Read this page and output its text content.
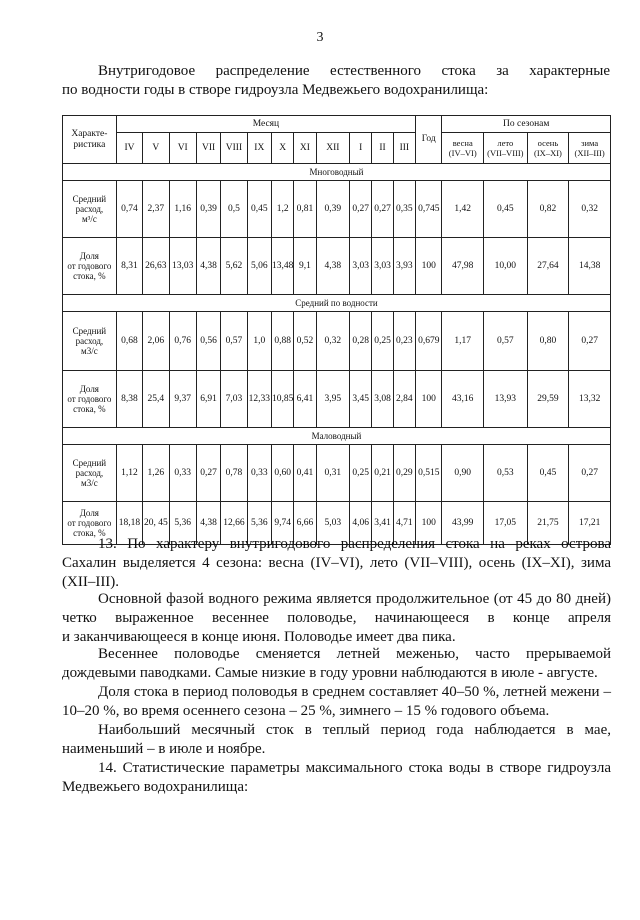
3
Внутригодовое распределение естественного стока за характерные
по водности годы в створе гидроузла Медвежьего водохранилища:
Характе-ристика	Месяц												Год	По сезонам			
	IV	V	VI	VII	VIII	IX	X	XI	XII	I	II	III		весна
(IV–VI)	лето
(VII–VIII)	осень
(IX–XI)	зима
(XII–III)
Многоводный																	
Средний
расход,
м³/с	0,74	2,37	1,16	0,39	0,5	0,45	1,2	0,81	0,39	0,27	0,27	0,35	0,745	1,42	0,45	0,82	0,32
Доля
от годового
стока, %	8,31	26,63	13,03	4,38	5,62	5,06	13,48	9,1	4,38	3,03	3,03	3,93	100	47,98	10,00	27,64	14,38
Средний по водности																	
Средний
расход,
м3/с	0,68	2,06	0,76	0,56	0,57	1,0	0,88	0,52	0,32	0,28	0,25	0,23	0,679	1,17	0,57	0,80	0,27
Доля
от годового
стока, %	8,38	25,4	9,37	6,91	7,03	12,33	10,85	6,41	3,95	3,45	3,08	2,84	100	43,16	13,93	29,59	13,32
Маловодный																	
Средний
расход,
м3/с	1,12	1,26	0,33	0,27	0,78	0,33	0,60	0,41	0,31	0,25	0,21	0,29	0,515	0,90	0,53	0,45	0,27
Доля
от годового
стока, %	18,18	20, 45	5,36	4,38	12,66	5,36	9,74	6,66	5,03	4,06	3,41	4,71	100	43,99	17,05	21,75	17,21
13. По характеру внутригодового распределения стока на реках острова
Сахалин выделяется 4 сезона: весна (IV–VI), лето (VII–VIII), осень (IX–XI), зима
(XII–III).
Основной фазой водного режима является продолжительное (от 45 до 80 дней)
четко выраженное весеннее половодье, начинающееся в конце апреля
и заканчивающееся в конце июня. Половодье имеет два пика.
Весеннее половодье сменяется летней меженью, часто прерываемой
дождевыми паводками. Самые низкие в году уровни наблюдаются в июле - августе.
Доля стока в период половодья в среднем составляет 40–50 %, летней межени –
10–20 %, во время осеннего сезона – 25 %, зимнего – 15 % годового объема.
Наибольший месячный сток в теплый период года наблюдается в мае,
наименьший – в июле и ноябре.
14. Статистические параметры максимального стока воды в створе гидроузла
Медвежьего водохранилища:
